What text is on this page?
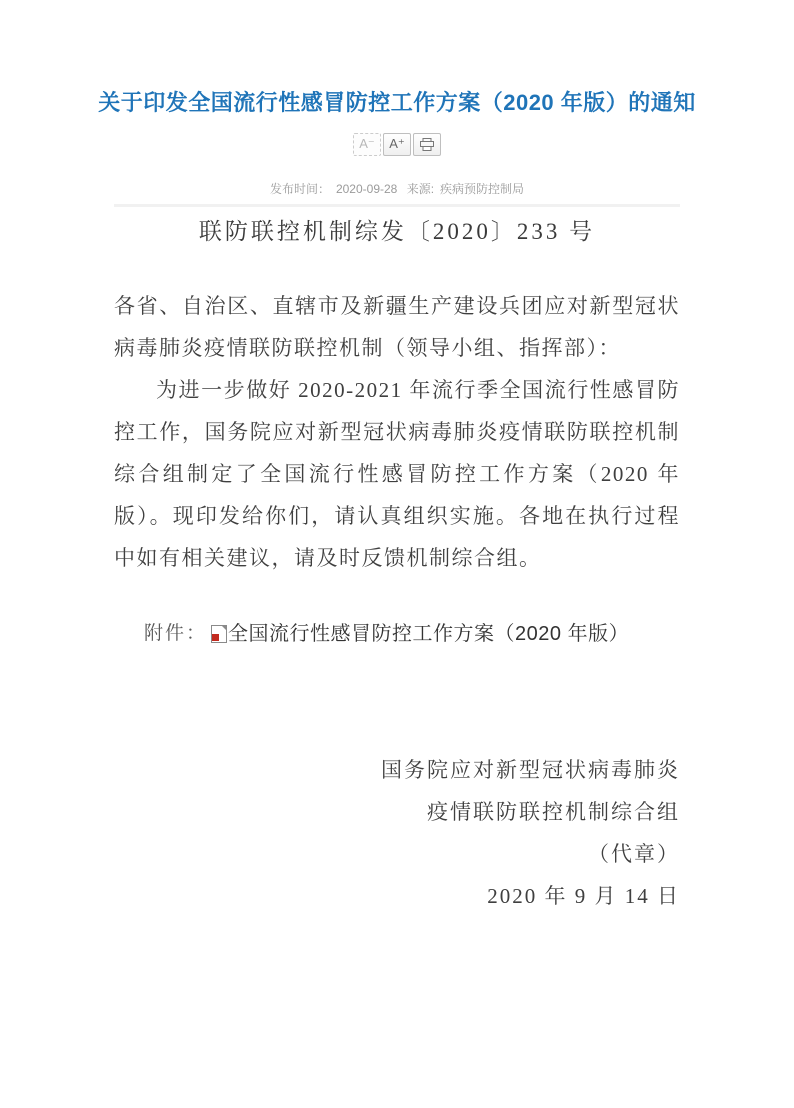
关于印发全国流行性感冒防控工作方案（2020 年版）的通知
A⁻	A⁺
发布时间： 2020-09-28 来源: 疾病预防控制局
联防联控机制综发〔2020〕233 号

各省、自治区、直辖市及新疆生产建设兵团应对新型冠状病毒肺炎疫情联防联控机制（领导小组、指挥部）：

为进一步做好 2020-2021 年流行季全国流行性感冒防控工作，国务院应对新型冠状病毒肺炎疫情联防联控机制综合组制定了全国流行性感冒防控工作方案（2020 年版）。现印发给你们，请认真组织实施。各地在执行过程中如有相关建议，请及时反馈机制综合组。

附件： 全国流行性感冒防控工作方案（2020 年版）
国务院应对新型冠状病毒肺炎
疫情联防联控机制综合组
（代章）
2020 年 9 月 14 日
